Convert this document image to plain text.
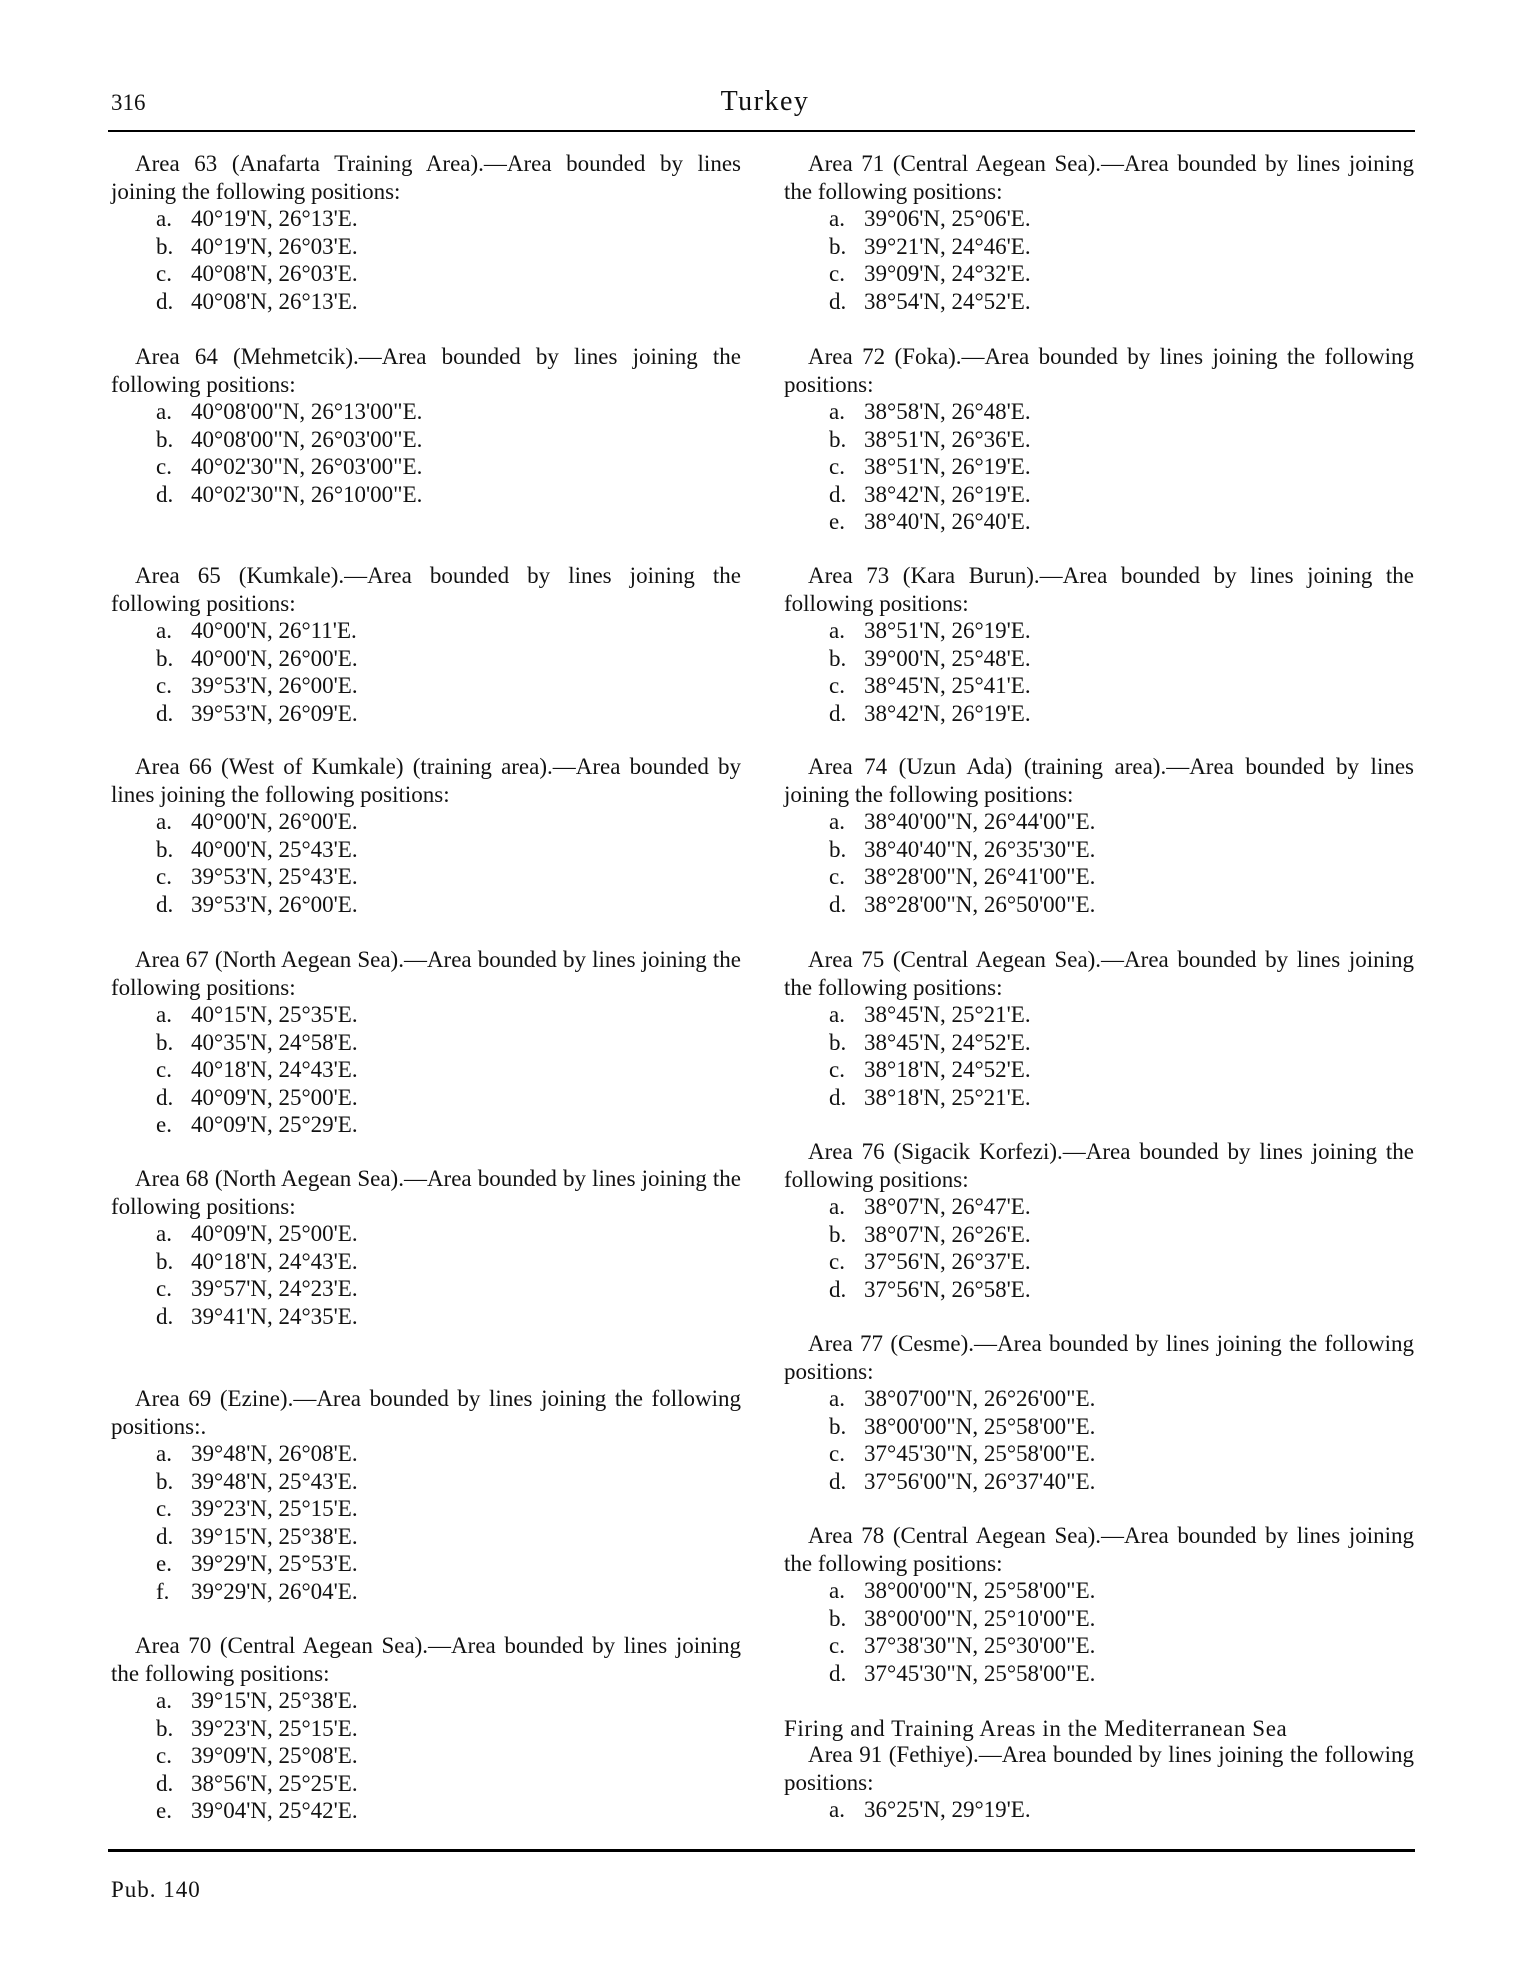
316	Turkey

Area 63 (Anafarta Training Area).—Area bounded by lines joining the following positions:

a. 40°19'N, 26°13'E.
b. 40°19'N, 26°03'E.
c. 40°08'N, 26°03'E.
d. 40°08'N, 26°13'E.

Area 64 (Mehmetcik).—Area bounded by lines joining the following positions:

a. 40°08'00"N, 26°13'00"E.
b. 40°08'00"N, 26°03'00"E.
c. 40°02'30"N, 26°03'00"E.
d. 40°02'30"N, 26°10'00"E.

Area 65 (Kumkale).—Area bounded by lines joining the following positions:

a. 40°00'N, 26°11'E.
b. 40°00'N, 26°00'E.
c. 39°53'N, 26°00'E.
d. 39°53'N, 26°09'E.

Area 66 (West of Kumkale) (training area).—Area bounded by lines joining the following positions:

a. 40°00'N, 26°00'E.
b. 40°00'N, 25°43'E.
c. 39°53'N, 25°43'E.
d. 39°53'N, 26°00'E.

Area 67 (North Aegean Sea).—Area bounded by lines joining the following positions:

a. 40°15'N, 25°35'E.
b. 40°35'N, 24°58'E.
c. 40°18'N, 24°43'E.
d. 40°09'N, 25°00'E.
e. 40°09'N, 25°29'E.

Area 68 (North Aegean Sea).—Area bounded by lines joining the following positions:

a. 40°09'N, 25°00'E.
b. 40°18'N, 24°43'E.
c. 39°57'N, 24°23'E.
d. 39°41'N, 24°35'E.

Area 69 (Ezine).—Area bounded by lines joining the following positions:.

a. 39°48'N, 26°08'E.
b. 39°48'N, 25°43'E.
c. 39°23'N, 25°15'E.
d. 39°15'N, 25°38'E.
e. 39°29'N, 25°53'E.
f. 39°29'N, 26°04'E.

Area 70 (Central Aegean Sea).—Area bounded by lines joining the following positions:

a. 39°15'N, 25°38'E.
b. 39°23'N, 25°15'E.
c. 39°09'N, 25°08'E.
d. 38°56'N, 25°25'E.
e. 39°04'N, 25°42'E.

Area 71 (Central Aegean Sea).—Area bounded by lines joining the following positions:

a. 39°06'N, 25°06'E.
b. 39°21'N, 24°46'E.
c. 39°09'N, 24°32'E.
d. 38°54'N, 24°52'E.

Area 72 (Foka).—Area bounded by lines joining the following positions:

a. 38°58'N, 26°48'E.
b. 38°51'N, 26°36'E.
c. 38°51'N, 26°19'E.
d. 38°42'N, 26°19'E.
e. 38°40'N, 26°40'E.

Area 73 (Kara Burun).—Area bounded by lines joining the following positions:

a. 38°51'N, 26°19'E.
b. 39°00'N, 25°48'E.
c. 38°45'N, 25°41'E.
d. 38°42'N, 26°19'E.

Area 74 (Uzun Ada) (training area).—Area bounded by lines joining the following positions:

a. 38°40'00"N, 26°44'00"E.
b. 38°40'40"N, 26°35'30"E.
c. 38°28'00"N, 26°41'00"E.
d. 38°28'00"N, 26°50'00"E.

Area 75 (Central Aegean Sea).—Area bounded by lines joining the following positions:

a. 38°45'N, 25°21'E.
b. 38°45'N, 24°52'E.
c. 38°18'N, 24°52'E.
d. 38°18'N, 25°21'E.

Area 76 (Sigacik Korfezi).—Area bounded by lines joining the following positions:

a. 38°07'N, 26°47'E.
b. 38°07'N, 26°26'E.
c. 37°56'N, 26°37'E.
d. 37°56'N, 26°58'E.

Area 77 (Cesme).—Area bounded by lines joining the following positions:

a. 38°07'00"N, 26°26'00"E.
b. 38°00'00"N, 25°58'00"E.
c. 37°45'30"N, 25°58'00"E.
d. 37°56'00"N, 26°37'40"E.

Area 78 (Central Aegean Sea).—Area bounded by lines joining the following positions:

a. 38°00'00"N, 25°58'00"E.
b. 38°00'00"N, 25°10'00"E.
c. 37°38'30"N, 25°30'00"E.
d. 37°45'30"N, 25°58'00"E.

Area 91 (Fethiye).—Area bounded by lines joining the following positions:

a. 36°25'N, 29°19'E.
Firing and Training Areas in the Mediterranean Sea
Pub. 140
